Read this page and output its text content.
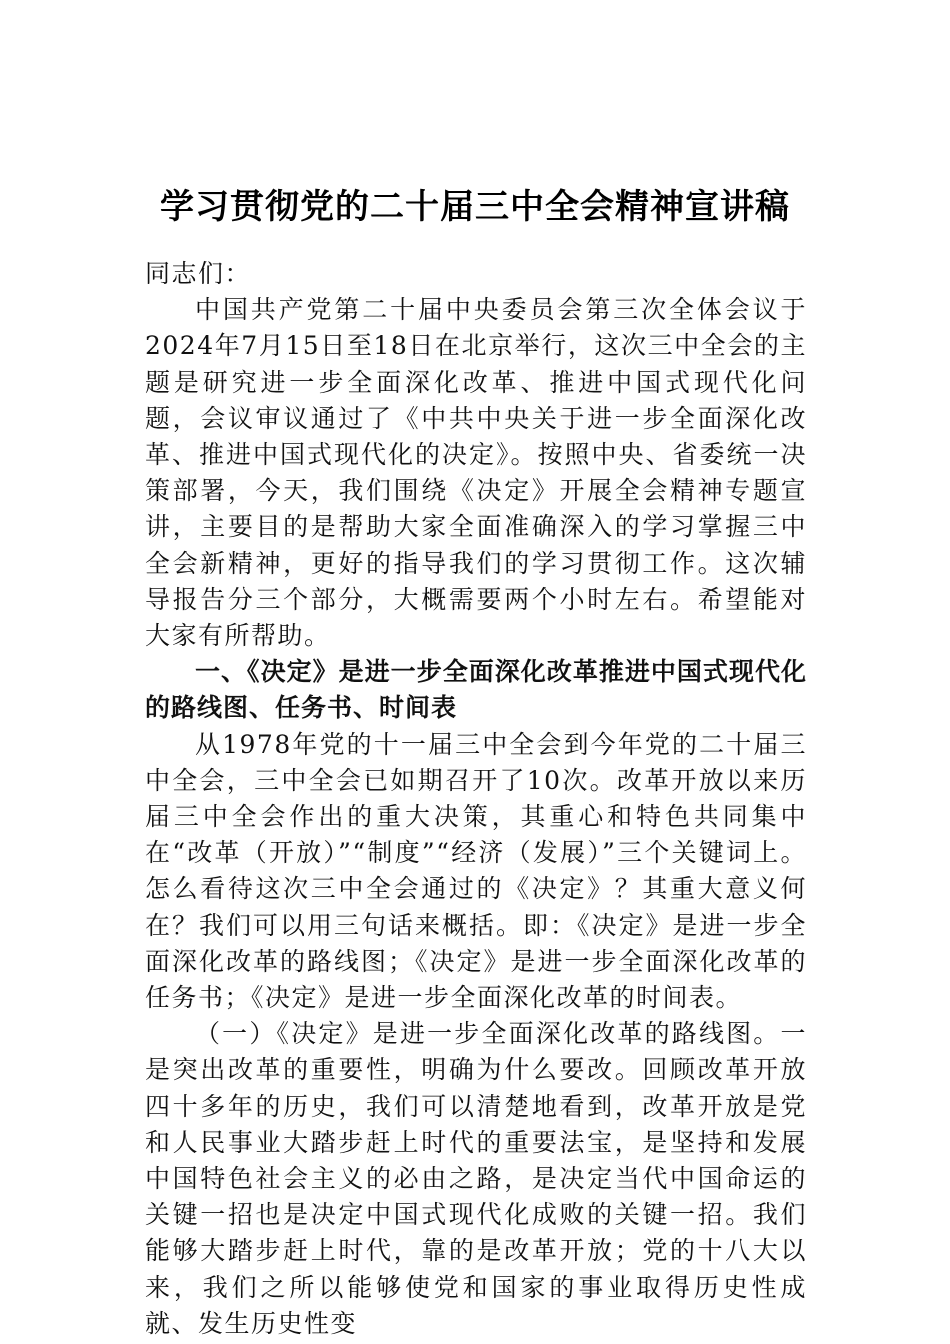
学习贯彻党的二十届三中全会精神宣讲稿

同志们：

中国共产党第二十届中央委员会第三次全体会议于2024年7月15日至18日在北京举行，这次三中全会的主题是研究进一步全面深化改革、推进中国式现代化问题，会议审议通过了《中共中央关于进一步全面深化改革、推进中国式现代化的决定》。按照中央、省委统一决策部署，今天，我们围绕《决定》开展全会精神专题宣讲，主要目的是帮助大家全面准确深入的学习掌握三中全会新精神，更好的指导我们的学习贯彻工作。这次辅导报告分三个部分，大概需要两个小时左右。希望能对大家有所帮助。

一、《决定》是进一步全面深化改革推进中国式现代化的路线图、任务书、时间表

从1978年党的十一届三中全会到今年党的二十届三中全会，三中全会已如期召开了10次。改革开放以来历届三中全会作出的重大决策，其重心和特色共同集中在“改革（开放）”“制度”“经济（发展）”三个关键词上。怎么看待这次三中全会通过的《决定》？其重大意义何在？我们可以用三句话来概括。即：《决定》是进一步全面深化改革的路线图；《决定》是进一步全面深化改革的任务书；《决定》是进一步全面深化改革的时间表。

（一）《决定》是进一步全面深化改革的路线图。一是突出改革的重要性，明确为什么要改。回顾改革开放四十多年的历史，我们可以清楚地看到，改革开放是党和人民事业大踏步赶上时代的重要法宝，是坚持和发展中国特色社会主义的必由之路，是决定当代中国命运的关键一招也是决定中国式现代化成败的关键一招。我们能够大踏步赶上时代，靠的是改革开放；党的十八大以来，我们之所以能够使党和国家的事业取得历史性成就、发生历史性变
